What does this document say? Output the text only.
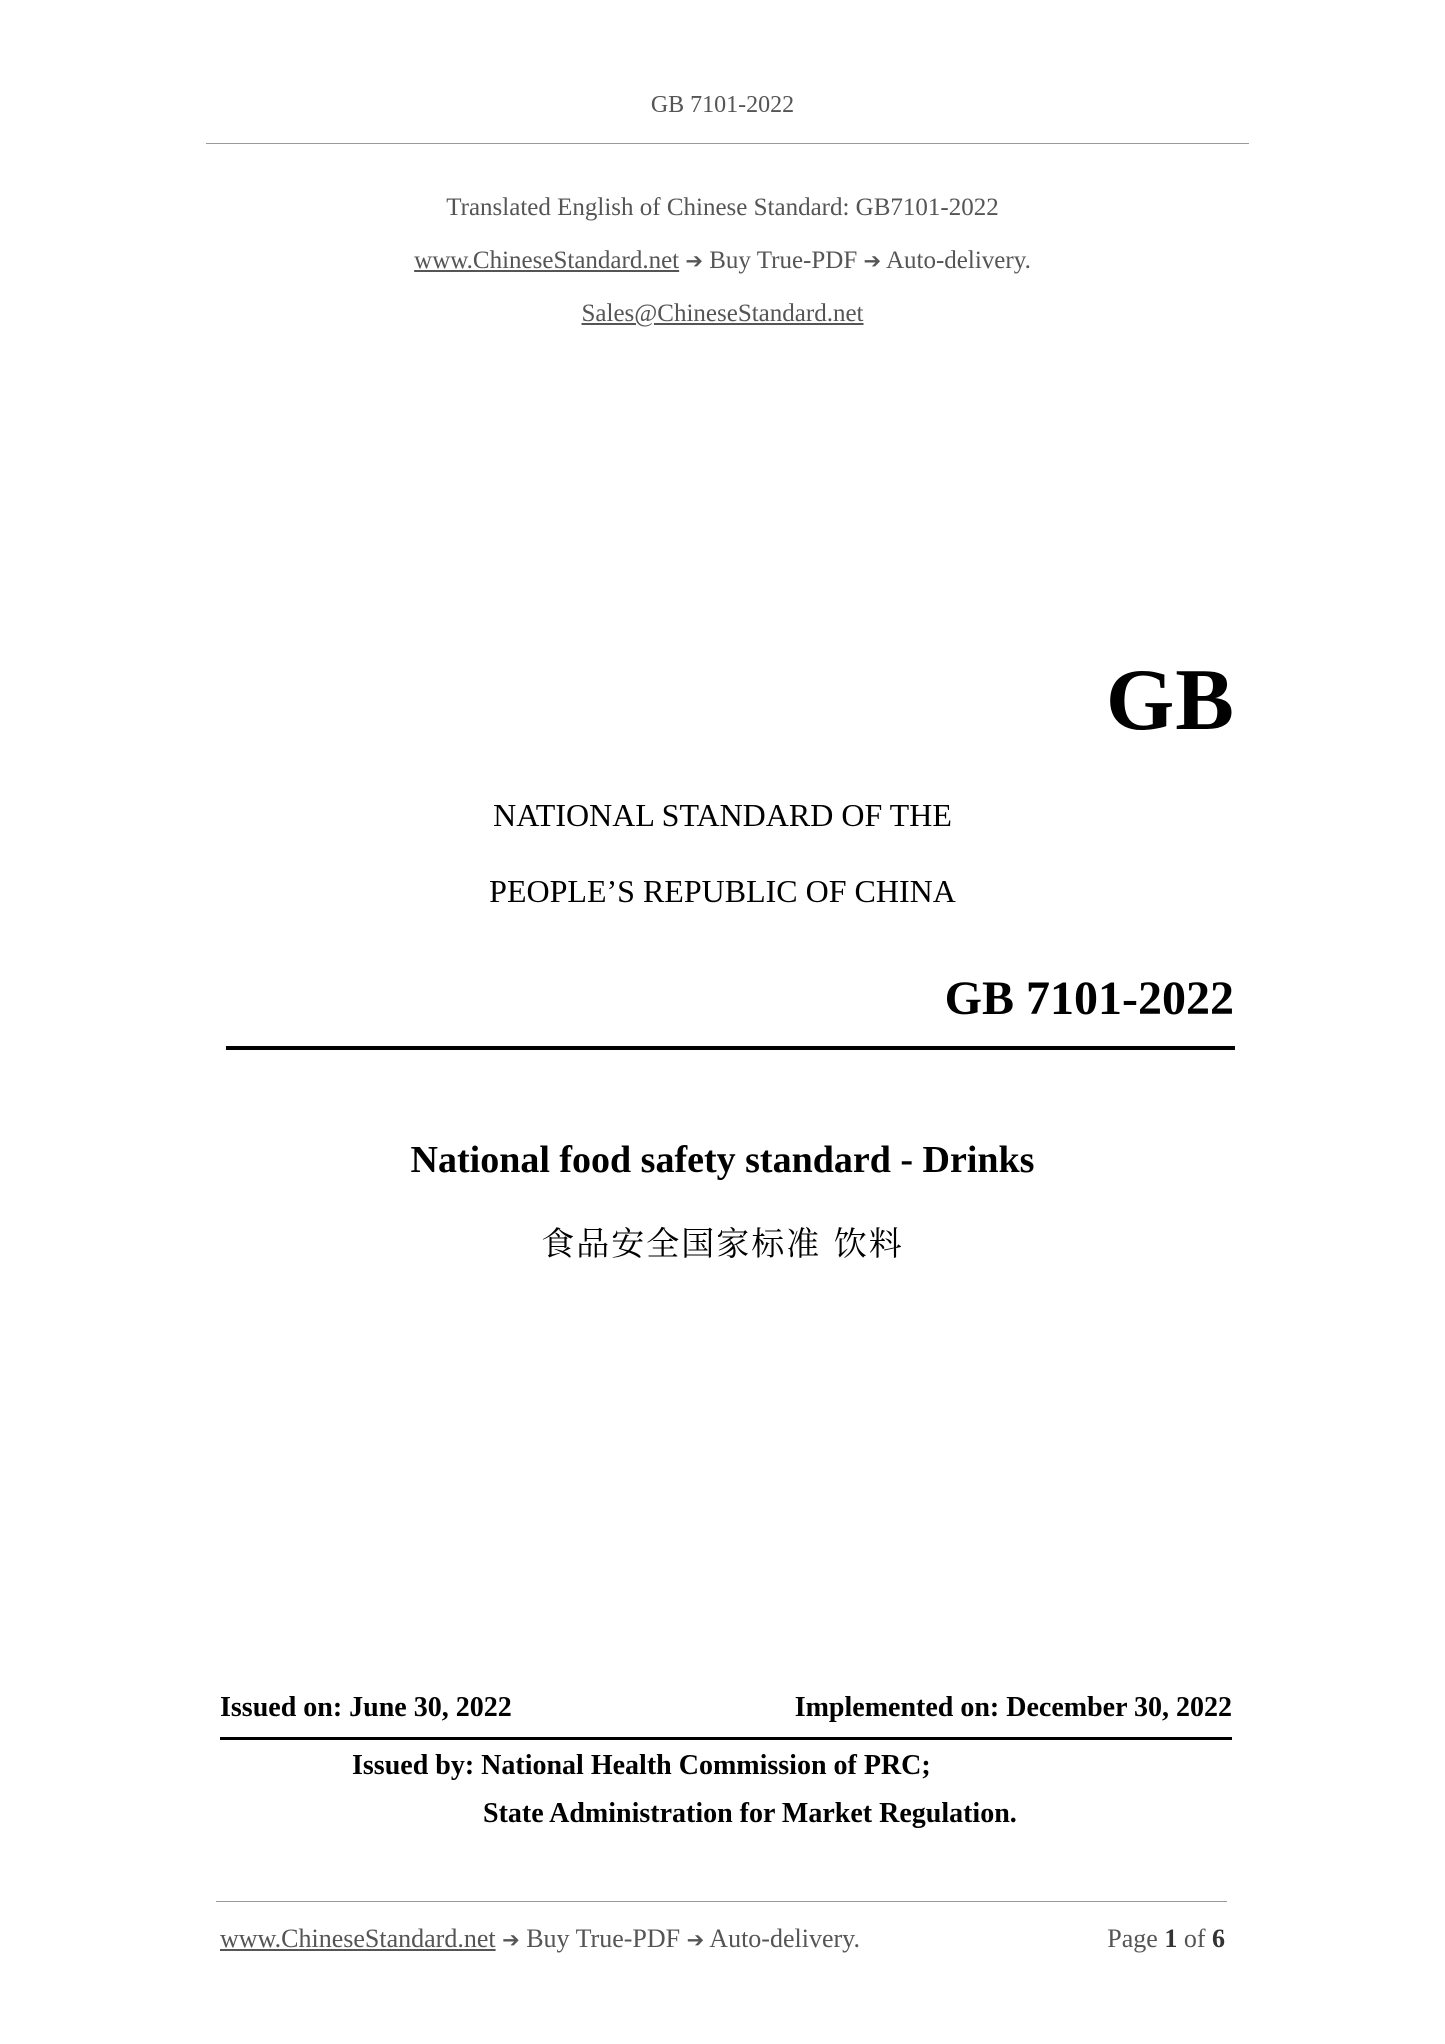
GB 7101-2022
Translated English of Chinese Standard: GB7101-2022
www.ChineseStandard.net ➔ Buy True-PDF ➔ Auto-delivery.
Sales@ChineseStandard.net
GB
NATIONAL STANDARD OF THE
PEOPLE’S REPUBLIC OF CHINA
GB 7101-2022
National food safety standard - Drinks
食品安全国家标准 饮料
Issued on: June 30, 2022	Implemented on: December 30, 2022
Issued by: National Health Commission of PRC;
State Administration for Market Regulation.
www.ChineseStandard.net ➔ Buy True-PDF ➔ Auto-delivery.	Page 1 of 6
